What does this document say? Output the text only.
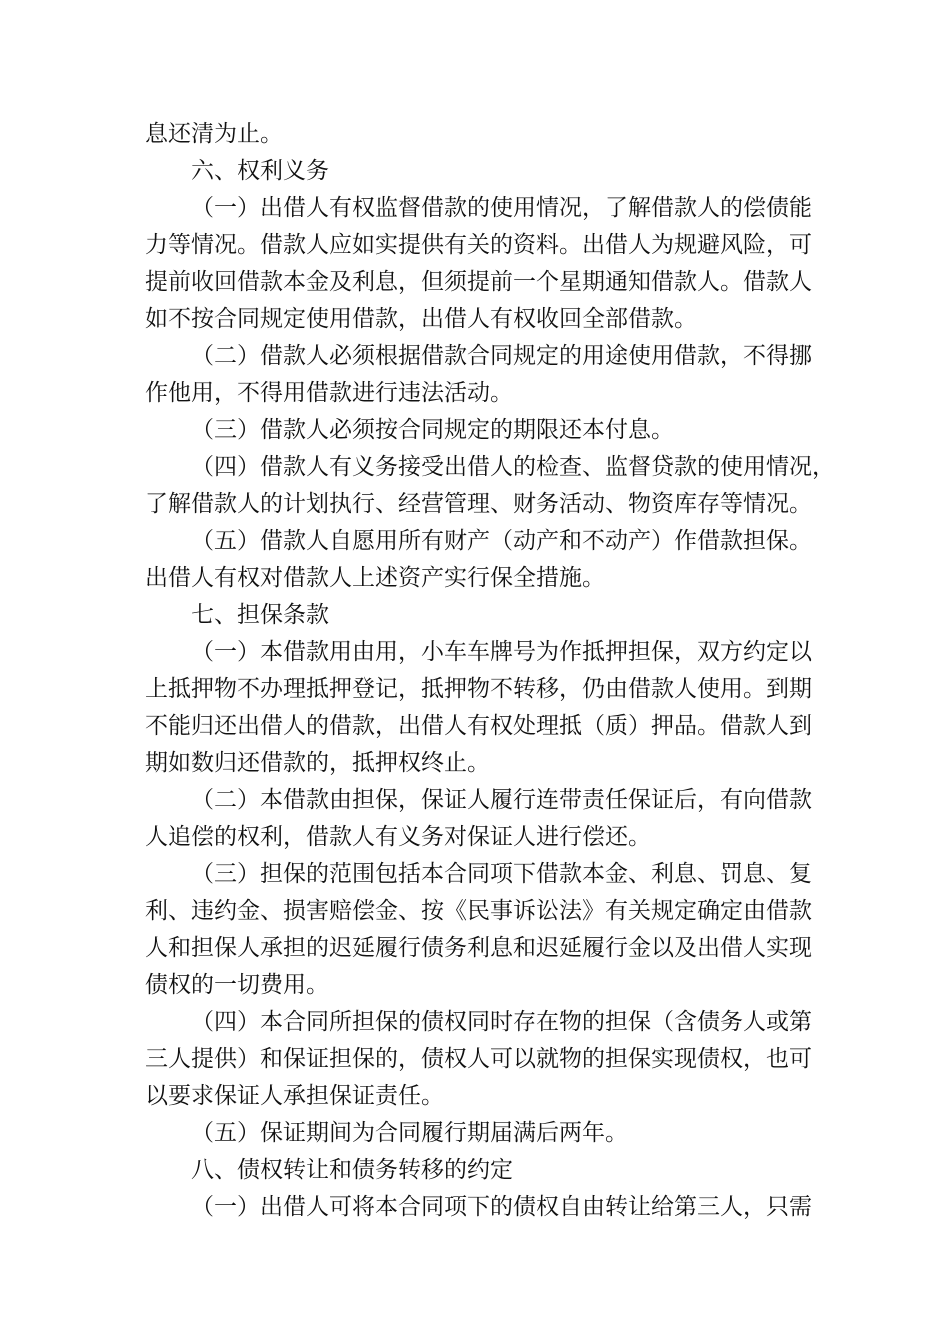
息还清为止。
六、权利义务
（一）出借人有权监督借款的使用情况，了解借款人的偿债能
力等情况。借款人应如实提供有关的资料。出借人为规避风险，可
提前收回借款本金及利息，但须提前一个星期通知借款人。借款人
如不按合同规定使用借款，出借人有权收回全部借款。
（二）借款人必须根据借款合同规定的用途使用借款，不得挪
作他用，不得用借款进行违法活动。
（三）借款人必须按合同规定的期限还本付息。
（四）借款人有义务接受出借人的检查、监督贷款的使用情况，
了解借款人的计划执行、经营管理、财务活动、物资库存等情况。
（五）借款人自愿用所有财产（动产和不动产）作借款担保。
出借人有权对借款人上述资产实行保全措施。
七、担保条款
（一）本借款用由用，小车车牌号为作抵押担保，双方约定以
上抵押物不办理抵押登记，抵押物不转移，仍由借款人使用。到期
不能归还出借人的借款，出借人有权处理抵（质）押品。借款人到
期如数归还借款的，抵押权终止。
（二）本借款由担保，保证人履行连带责任保证后，有向借款
人追偿的权利，借款人有义务对保证人进行偿还。
（三）担保的范围包括本合同项下借款本金、利息、罚息、复
利、违约金、损害赔偿金、按《民事诉讼法》有关规定确定由借款
人和担保人承担的迟延履行债务利息和迟延履行金以及出借人实现
债权的一切费用。
（四）本合同所担保的债权同时存在物的担保（含债务人或第
三人提供）和保证担保的，债权人可以就物的担保实现债权，也可
以要求保证人承担保证责任。
（五）保证期间为合同履行期届满后两年。
八、债权转让和债务转移的约定
（一）出借人可将本合同项下的债权自由转让给第三人，只需
